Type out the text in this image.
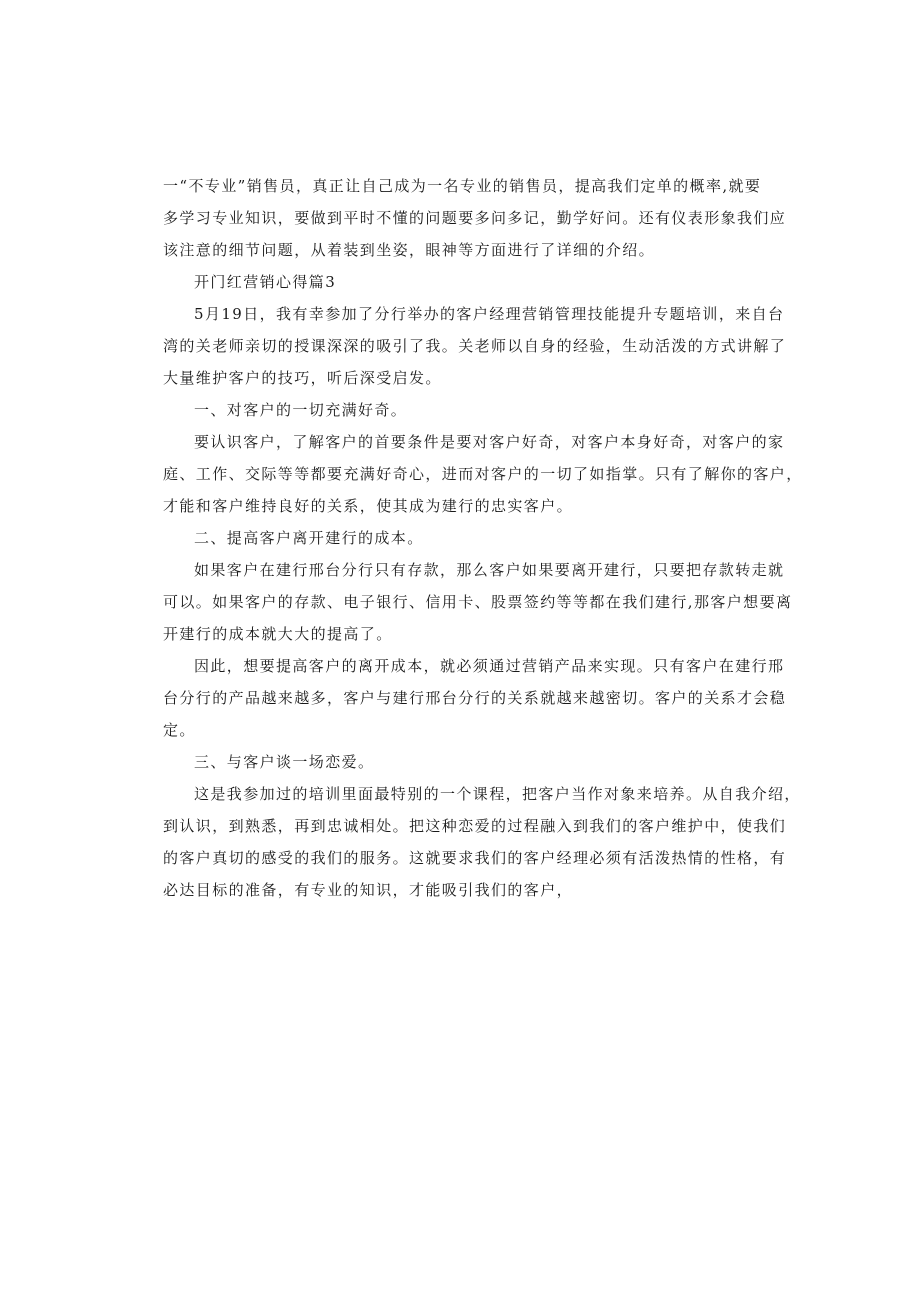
一“不专业”销售员，真正让自己成为一名专业的销售员，提高我们定单的概率,就要
多学习专业知识，要做到平时不懂的问题要多问多记，勤学好问。还有仪表形象我们应
该注意的细节问题，从着装到坐姿，眼神等方面进行了详细的介绍。
开门红营销心得篇3
5月19日，我有幸参加了分行举办的客户经理营销管理技能提升专题培训，来自台
湾的关老师亲切的授课深深的吸引了我。关老师以自身的经验，生动活泼的方式讲解了
大量维护客户的技巧，听后深受启发。
一、对客户的一切充满好奇。
要认识客户，了解客户的首要条件是要对客户好奇，对客户本身好奇，对客户的家
庭、工作、交际等等都要充满好奇心，进而对客户的一切了如指掌。只有了解你的客户，
才能和客户维持良好的关系，使其成为建行的忠实客户。
二、提高客户离开建行的成本。
如果客户在建行邢台分行只有存款，那么客户如果要离开建行，只要把存款转走就
可以。如果客户的存款、电子银行、信用卡、股票签约等等都在我们建行,那客户想要离
开建行的成本就大大的提高了。
因此，想要提高客户的离开成本，就必须通过营销产品来实现。只有客户在建行邢
台分行的产品越来越多，客户与建行邢台分行的关系就越来越密切。客户的关系才会稳
定。
三、与客户谈一场恋爱。
这是我参加过的培训里面最特别的一个课程，把客户当作对象来培养。从自我介绍，
到认识，到熟悉，再到忠诚相处。把这种恋爱的过程融入到我们的客户维护中，使我们
的客户真切的感受的我们的服务。这就要求我们的客户经理必须有活泼热情的性格，有
必达目标的准备，有专业的知识，才能吸引我们的客户，
